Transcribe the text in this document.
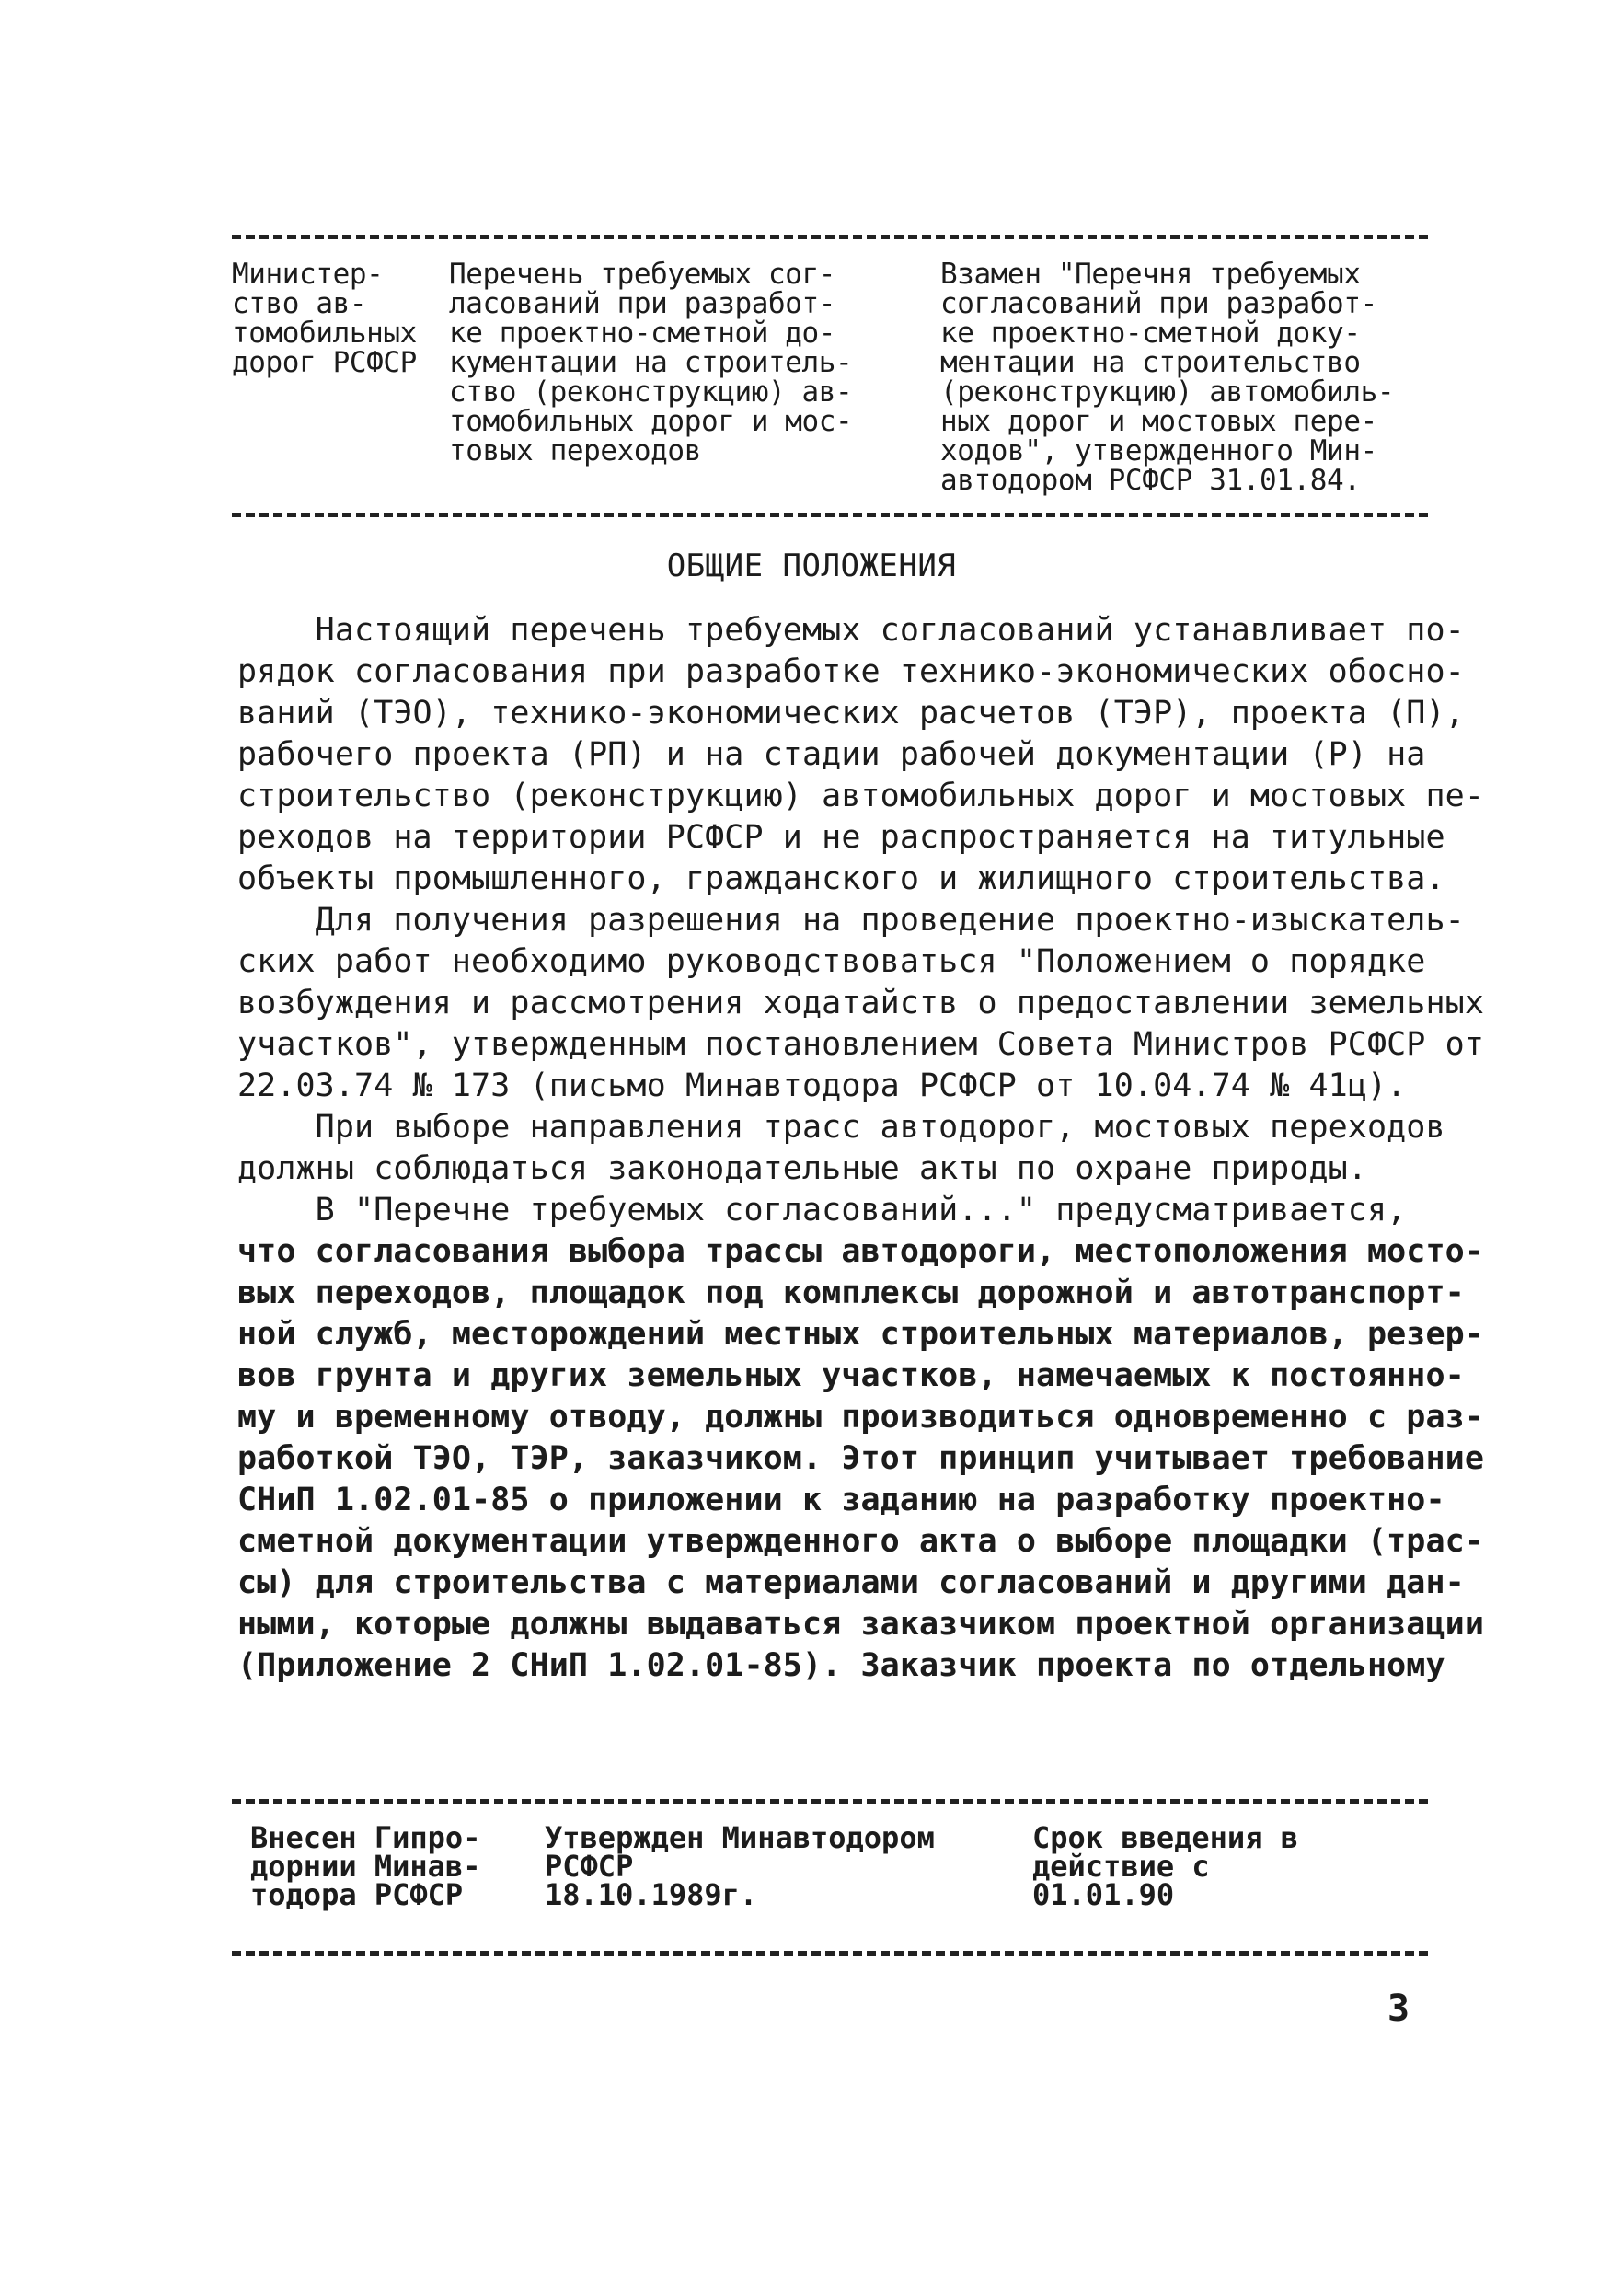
Министер-
ство ав-
томобильных
дорог РСФСР
Перечень требуемых сог-
ласований при разработ-
ке проектно-сметной до-
кументации на строитель-
ство (реконструкцию) ав-
томобильных дорог и мос-
товых переходов
Взамен "Перечня требуемых
согласований при разработ-
ке проектно-сметной доку-
ментации на строительство
(реконструкцию) автомобиль-
ных дорог и мостовых пере-
ходов", утвержденного Мин-
автодором РСФСР 31.01.84.
ОБЩИЕ ПОЛОЖЕНИЯ
Настоящий перечень требуемых согласований устанавливает по-
рядок согласования при разработке технико-экономических обосно-
ваний (ТЭО), технико-экономических расчетов (ТЭР), проекта (П),
рабочего проекта (РП) и на стадии рабочей документации (Р) на
строительство (реконструкцию) автомобильных дорог и мостовых пе-
реходов на территории РСФСР и не распространяется на титульные
объекты промышленного, гражданского и жилищного строительства.
Для получения разрешения на проведение проектно-изыскатель-
ских работ необходимо руководствоваться "Положением о порядке
возбуждения и рассмотрения ходатайств о предоставлении земельных
участков", утвержденным постановлением Совета Министров РСФСР от
22.03.74 № 173 (письмо Минавтодора РСФСР от 10.04.74 № 41ц).
При выборе направления трасс автодорог, мостовых переходов
должны соблюдаться законодательные акты по охране природы.
В "Перечне требуемых согласований..." предусматривается,
что согласования выбора трассы автодороги, местоположения мосто-
вых переходов, площадок под комплексы дорожной и автотранспорт-
ной служб, месторождений местных строительных материалов, резер-
вов грунта и других земельных участков, намечаемых к постоянно-
му и временному отводу, должны производиться одновременно с раз-
работкой ТЭО, ТЭР, заказчиком. Этот принцип учитывает требование
СНиП 1.02.01-85 о приложении к заданию на разработку проектно-
сметной документации утвержденного акта о выборе площадки (трас-
сы) для строительства с материалами согласований и другими дан-
ными, которые должны выдаваться заказчиком проектной организации
(Приложение 2 СНиП 1.02.01-85). Заказчик проекта по отдельному
Внесен Гипро-
дорнии Минав-
тодора РСФСР
Утвержден Минавтодором
РСФСР
18.10.1989г.
Срок введения в
действие с
01.01.90
3
